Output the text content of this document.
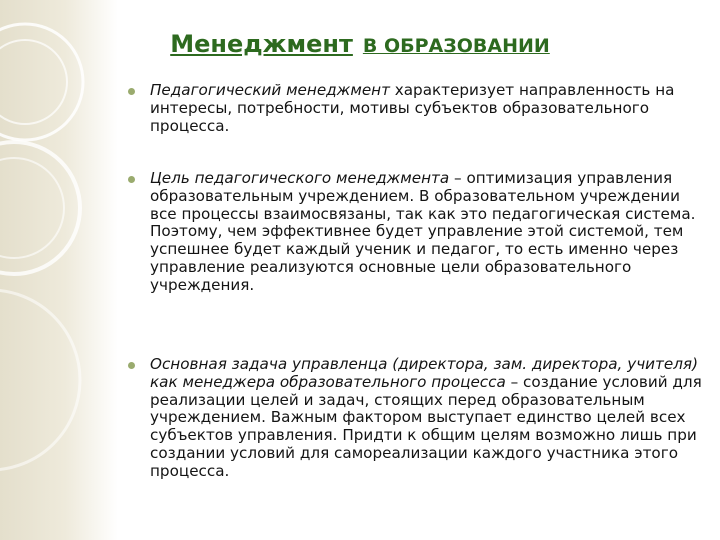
Менеджмент В ОБРАЗОВАНИИ

Педагогический менеджмент характеризует направленность на интересы, потребности, мотивы субъектов образовательного процесса.

Цель педагогического менеджмента – оптимизация управления образовательным учреждением. В образовательном учреждении все процессы взаимосвязаны, так как это педагогическая система. Поэтому, чем эффективнее будет управление этой системой, тем успешнее будет каждый ученик и педагог, то есть именно через управление реализуются основные цели образовательного учреждения.

Основная задача управленца (директора, зам. директора, учителя) как менеджера образовательного процесса – создание условий для реализации целей и задач, стоящих перед образовательным учреждением. Важным фактором выступает единство целей всех субъектов управления. Придти к общим целям возможно лишь при создании условий для самореализации каждого участника этого процесса.
